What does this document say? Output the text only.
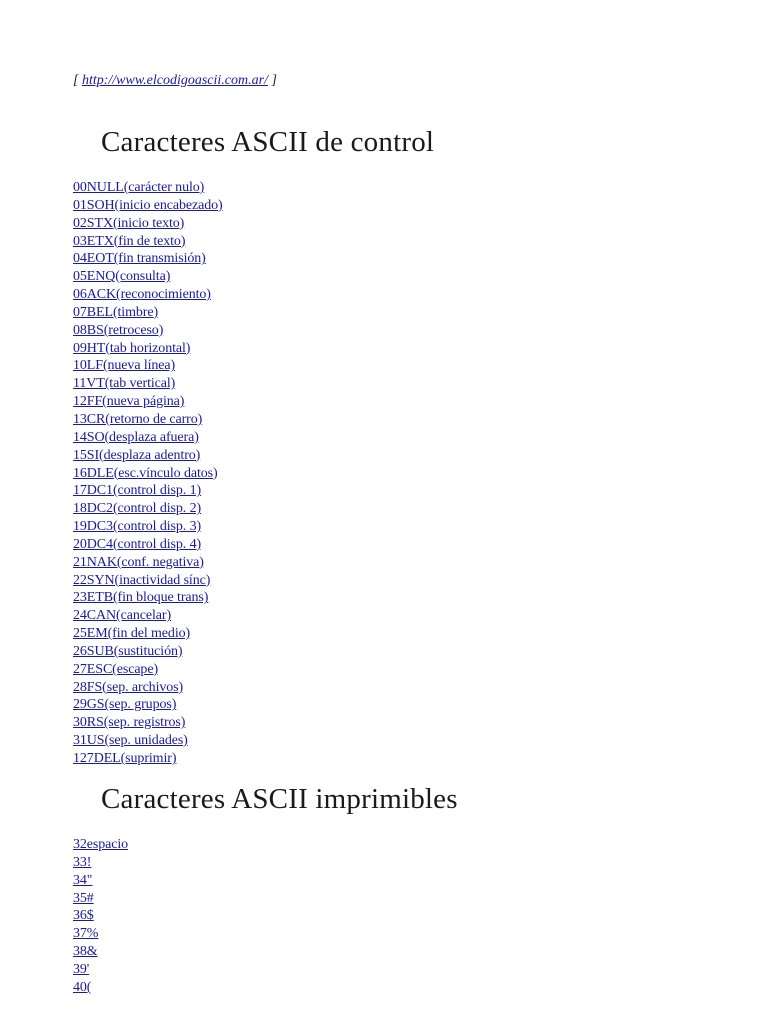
[ http://www.elcodigoascii.com.ar/ ]
Caracteres ASCII de control
00NULL(carácter nulo)
01SOH(inicio encabezado)
02STX(inicio texto)
03ETX(fin de texto)
04EOT(fin transmisión)
05ENQ(consulta)
06ACK(reconocimiento)
07BEL(timbre)
08BS(retroceso)
09HT(tab horizontal)
10LF(nueva línea)
11VT(tab vertical)
12FF(nueva página)
13CR(retorno de carro)
14SO(desplaza afuera)
15SI(desplaza adentro)
16DLE(esc.vínculo datos)
17DC1(control disp. 1)
18DC2(control disp. 2)
19DC3(control disp. 3)
20DC4(control disp. 4)
21NAK(conf. negativa)
22SYN(inactividad sínc)
23ETB(fin bloque trans)
24CAN(cancelar)
25EM(fin del medio)
26SUB(sustitución)
27ESC(escape)
28FS(sep. archivos)
29GS(sep. grupos)
30RS(sep. registros)
31US(sep. unidades)
127DEL(suprimir)
Caracteres ASCII imprimibles
32espacio
33!
34"
35#
36$
37%
38&
39'
40(
